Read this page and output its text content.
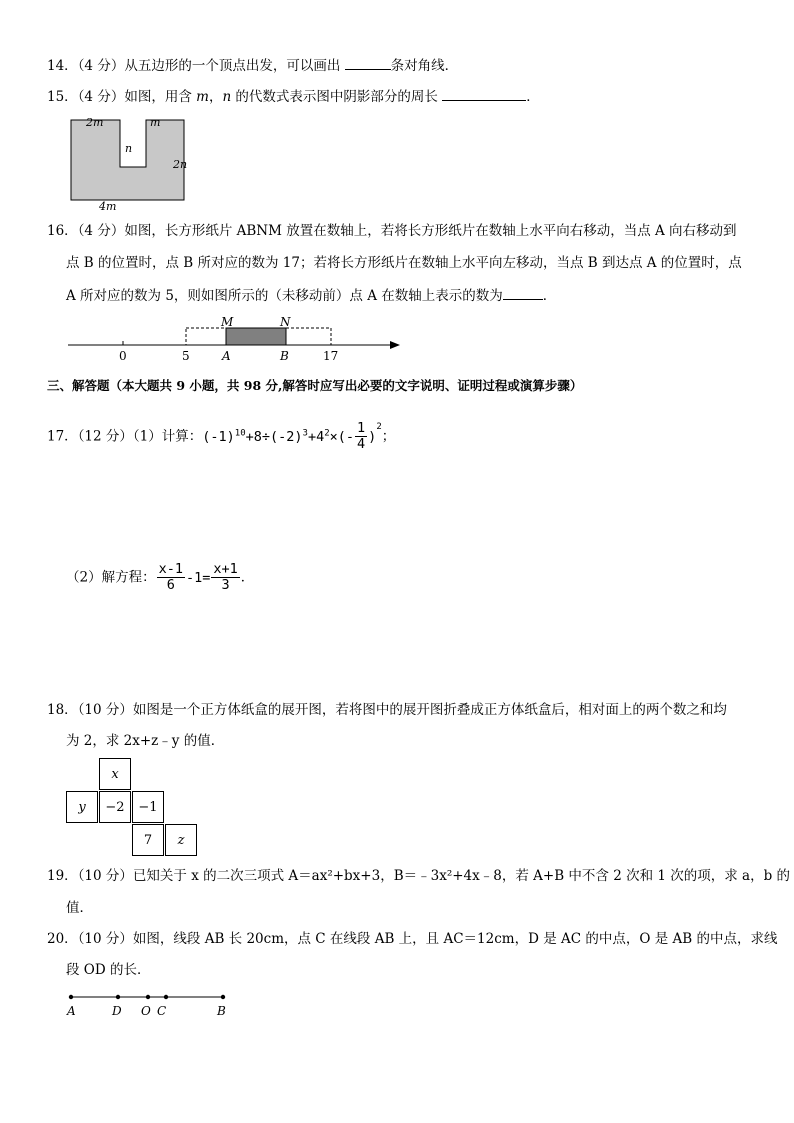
14．（4 分）从五边形的一个顶点出发，可以画出	条对角线．
15．（4 分）如图，用含 m，n 的代数式表示图中阴影部分的周长	．
2m	m
n
2n
4m
16．（4 分）如图，长方形纸片 ABNM 放置在数轴上，若将长方形纸片在数轴上水平向右移动，当点 A 向右移动到
点 B 的位置时，点 B 所对应的数为 17；若将长方形纸片在数轴上水平向左移动，当点 B 到达点 A 的位置时，点
A 所对应的数为 5，则如图所示的（未移动前）点 A 在数轴上表示的数为	．
M	N
0	5	A	B	17
三、解答题（本大题共 9 小题，共 98 分,解答时应写出必要的文字说明、证明过程或演算步骤）
17．（12 分）（1）计算：$(-1)^{10}+8\div(-2)^3+4^2\times(- \frac{1}{4} )^2$；
（2）解方程： $\frac{x-1}{6} -1= \frac{x+1}{3}$ ．
18．（10 分）如图是一个正方体纸盒的展开图，若将图中的展开图折叠成正方体纸盒后，相对面上的两个数之和均
为 2，求 2x+z﹣y 的值．
x
y	−2	−1
7	z
19．（10 分）已知关于 x 的二次三项式 A＝ax²+bx+3，B＝﹣3x²+4x﹣8，若 A+B 中不含 2 次和 1 次的项，求 a，b 的
值．
20．（10 分）如图，线段 AB 长 20cm，点 C 在线段 AB 上，且 AC＝12cm，D 是 AC 的中点，O 是 AB 的中点，求线
段 OD 的长．
A	D O C	B
